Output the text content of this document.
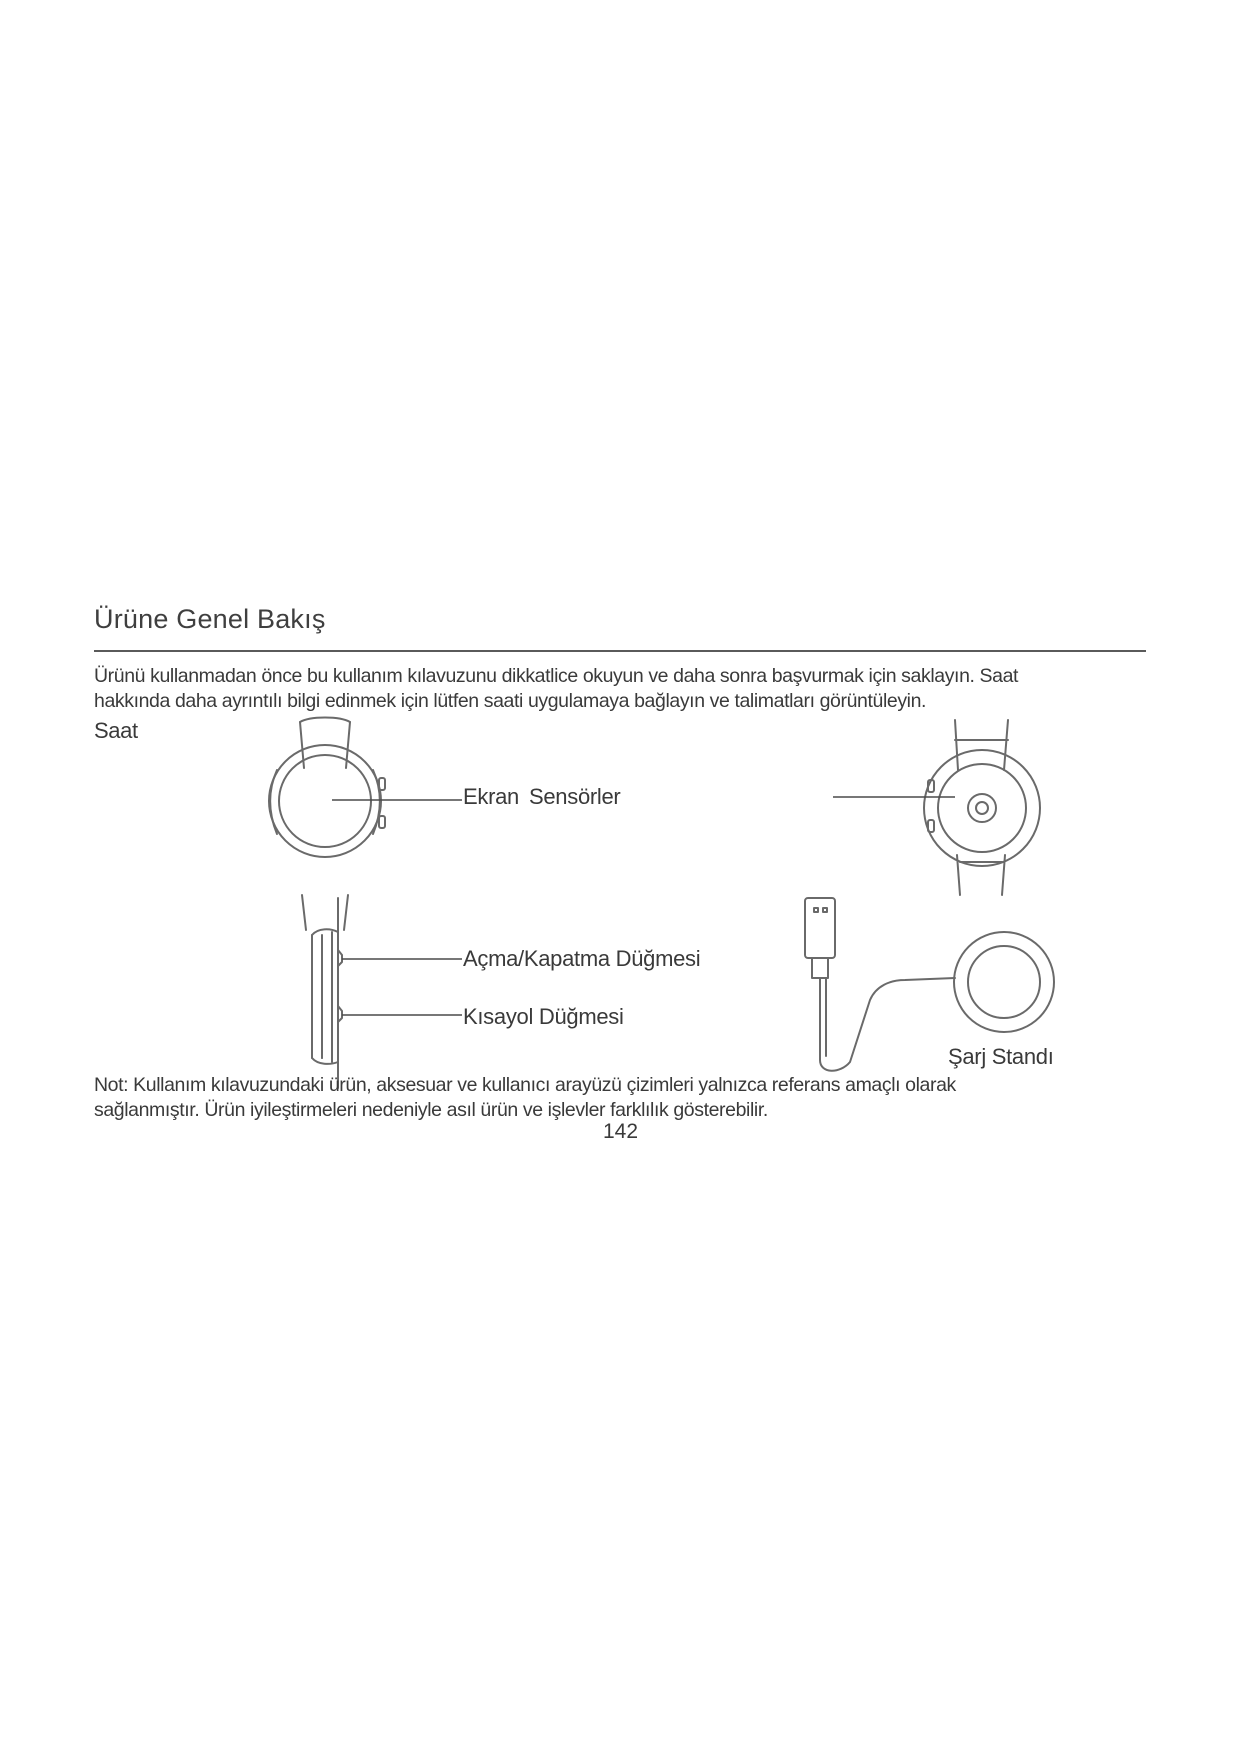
Ürüne Genel Bakış
Ürünü kullanmadan önce bu kullanım kılavuzunu dikkatlice okuyun ve daha sonra başvurmak için saklayın. Saat
hakkında daha ayrıntılı bilgi edinmek için lütfen saati uygulamaya bağlayın ve talimatları görüntüleyin.
Saat
Ekran Sensörler
Açma/Kapatma Düğmesi
Kısayol Düğmesi
Şarj Standı
Not: Kullanım kılavuzundaki ürün, aksesuar ve kullanıcı arayüzü çizimleri yalnızca referans amaçlı olarak
sağlanmıştır. Ürün iyileştirmeleri nedeniyle asıl ürün ve işlevler farklılık gösterebilir.
142
